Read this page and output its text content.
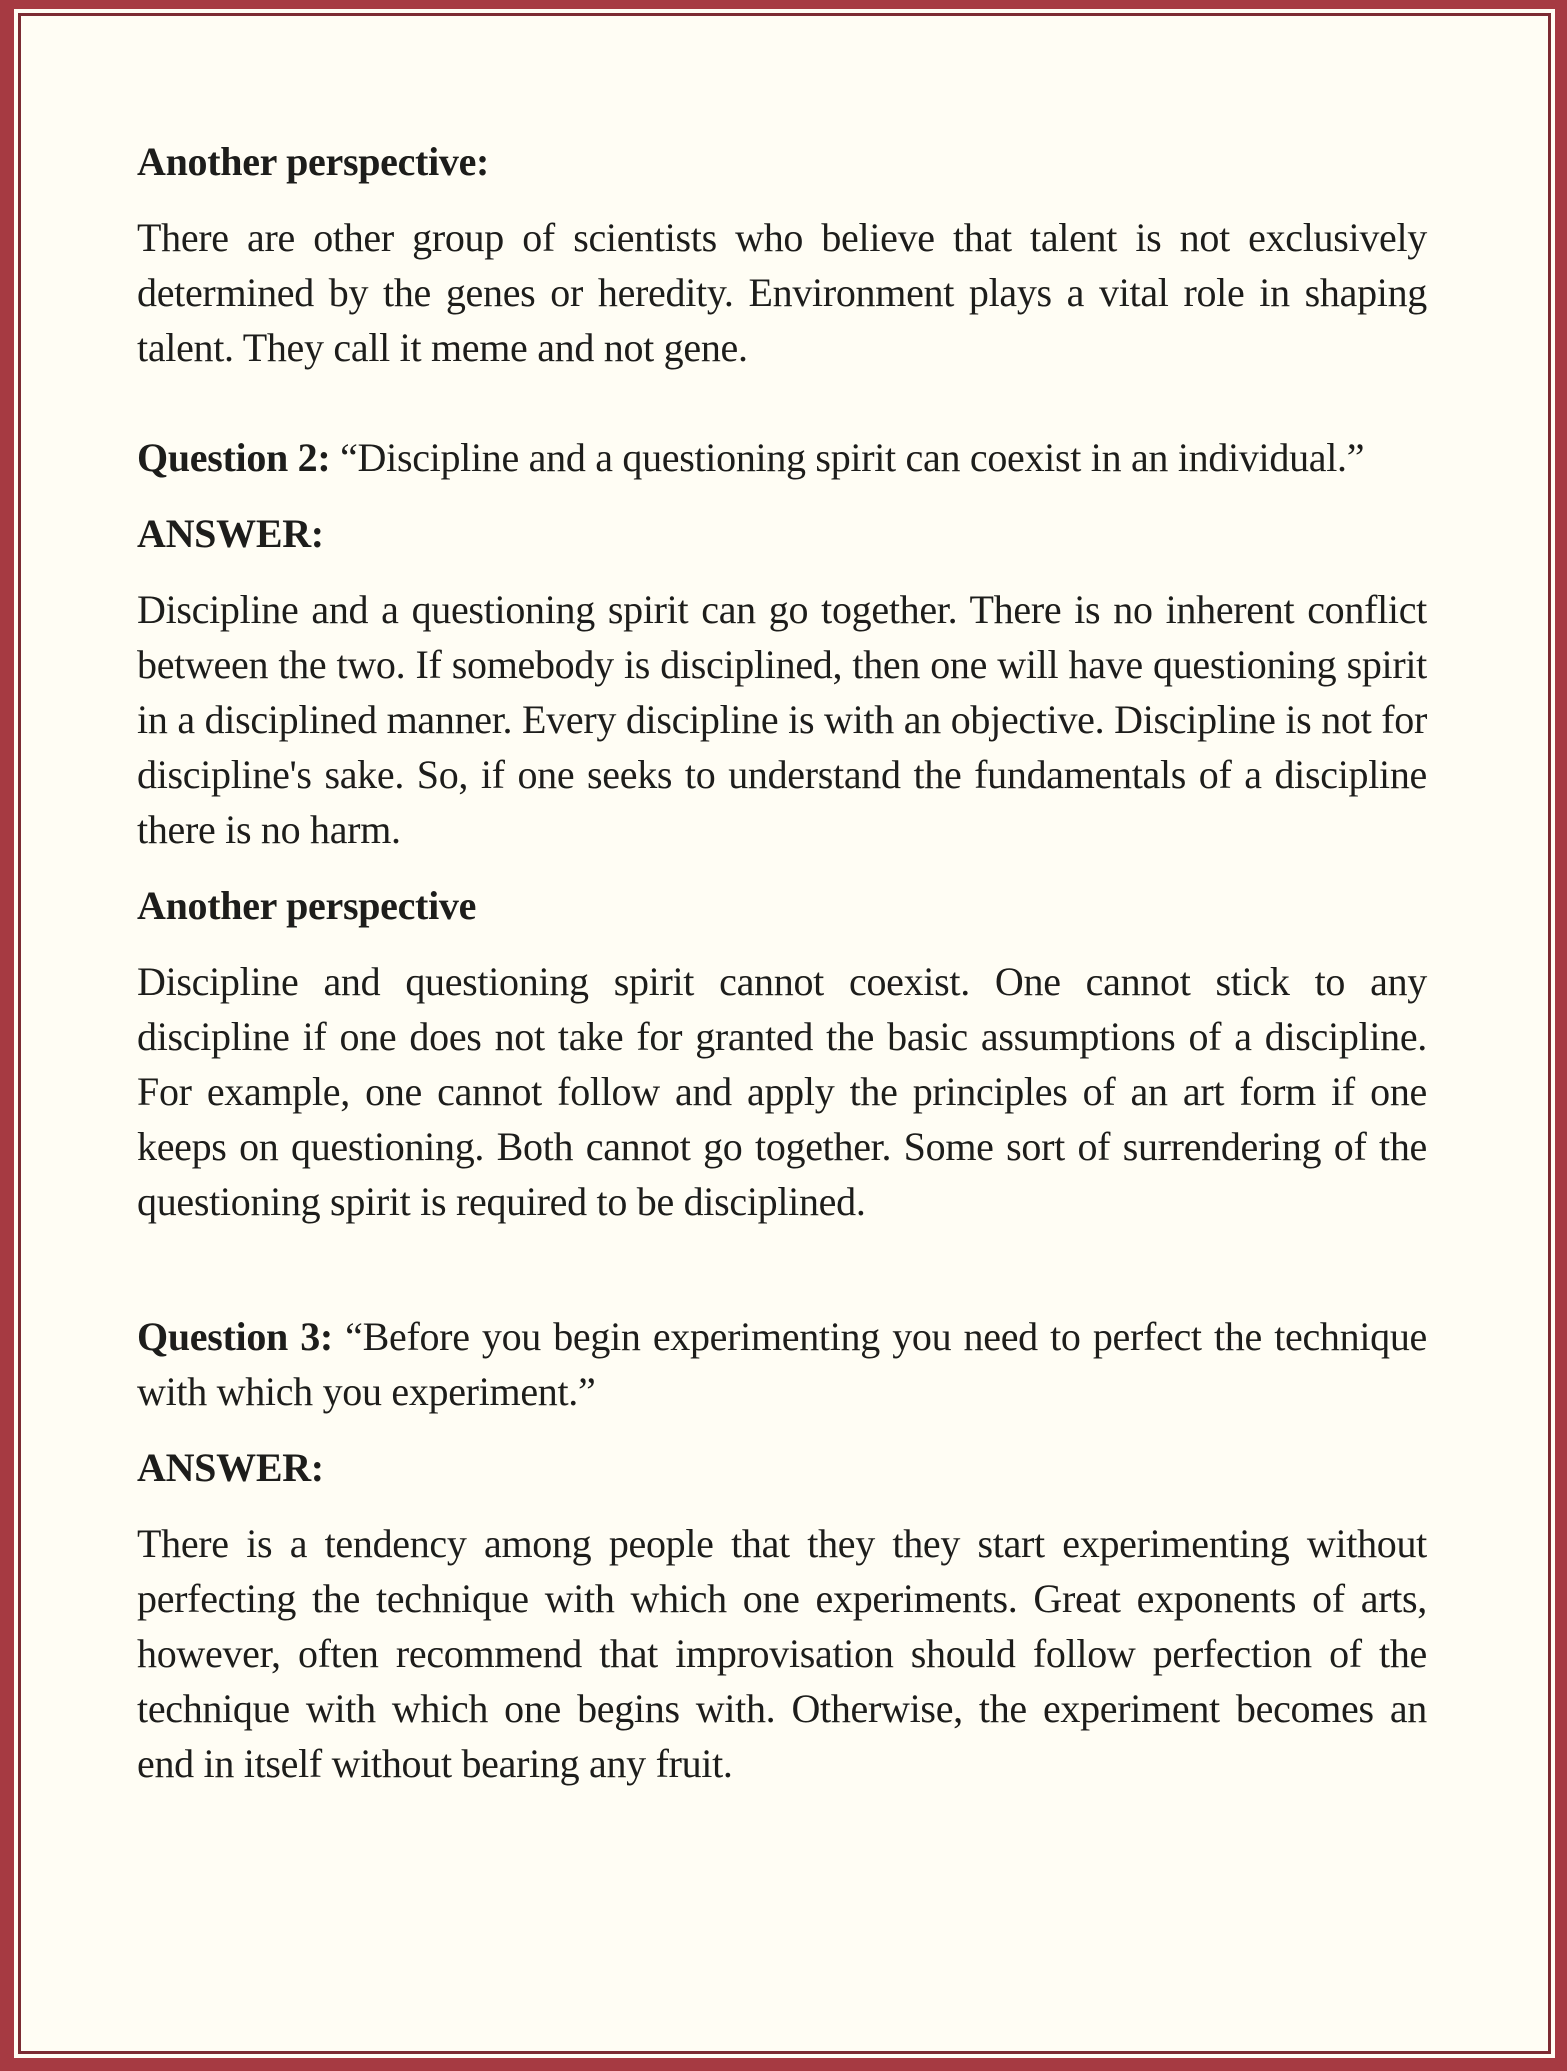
Another perspective:

There are other group of scientists who believe that talent is not exclusively determined by the genes or heredity. Environment plays a vital role in shaping talent. They call it meme and not gene.

Question 2: “Discipline and a questioning spirit can coexist in an individual.”

ANSWER:

Discipline and a questioning spirit can go together. There is no inherent conflict between the two. If somebody is disciplined, then one will have questioning spirit in a disciplined manner. Every discipline is with an objective. Discipline is not for discipline's sake. So, if one seeks to understand the fundamentals of a discipline there is no harm.

Another perspective

Discipline and questioning spirit cannot coexist. One cannot stick to any discipline if one does not take for granted the basic assumptions of a discipline. For example, one cannot follow and apply the principles of an art form if one keeps on questioning. Both cannot go together. Some sort of surrendering of the questioning spirit is required to be disciplined.

Question 3: “Before you begin experimenting you need to perfect the technique with which you experiment.”

ANSWER:

There is a tendency among people that they they start experimenting without perfecting the technique with which one experiments. Great exponents of arts, however, often recommend that improvisation should follow perfection of the technique with which one begins with. Otherwise, the experiment becomes an end in itself without bearing any fruit.
